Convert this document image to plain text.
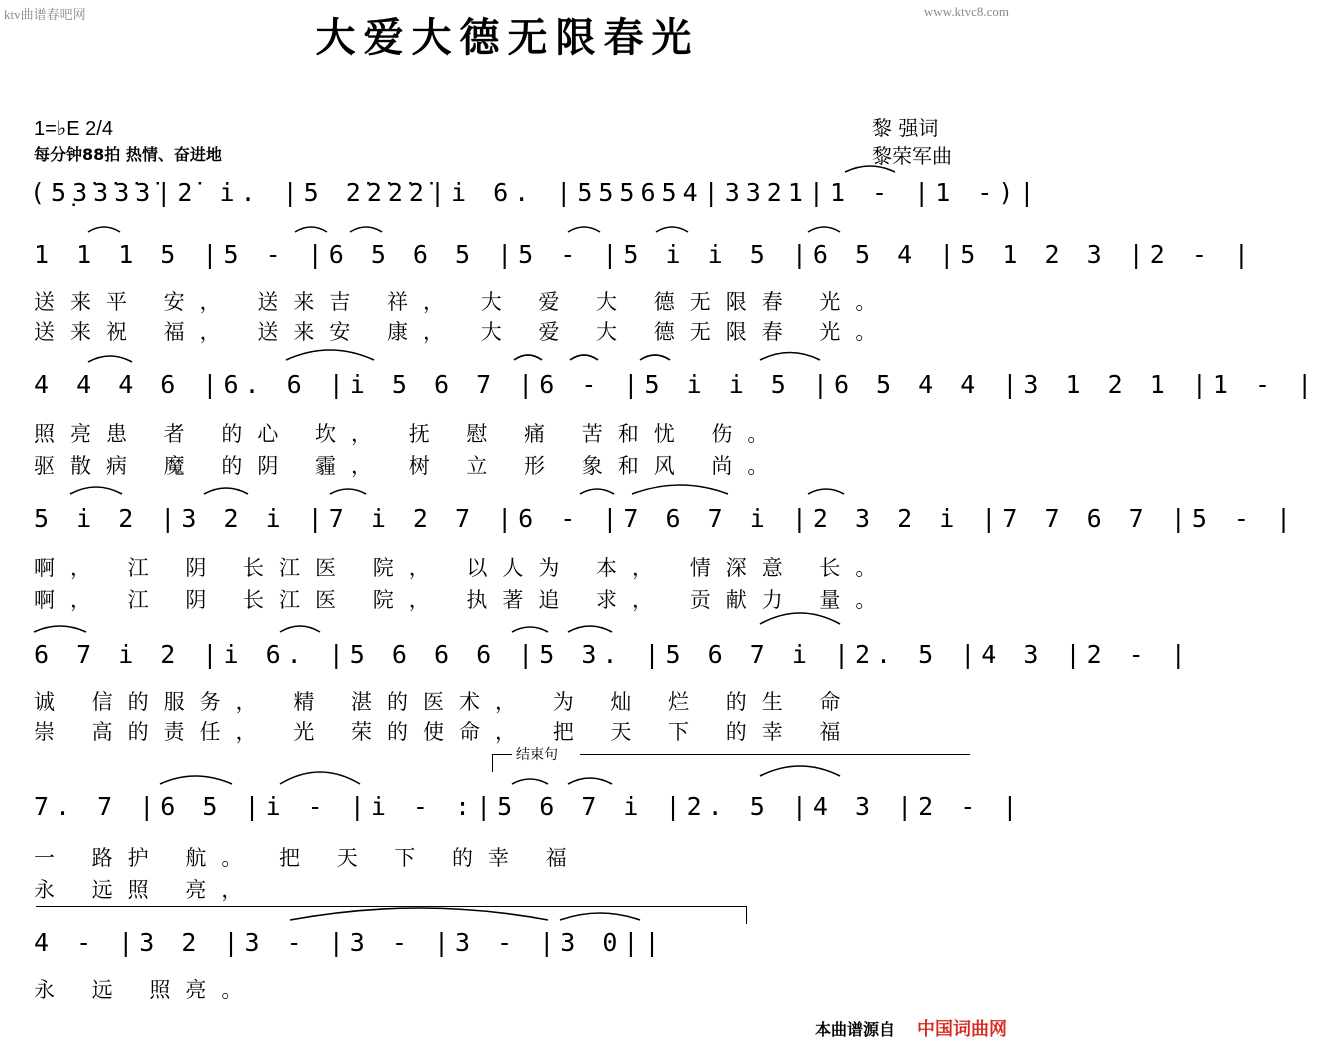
ktv曲谱春吧网	www.ktvc8.com
大爱大德无限春光
1=♭E 2/4
每分钟88拍 热情、奋进地
黎 强词
黎荣军曲
(5̣3̇3̇3̇3̇|2̇ i. |5 2̇2̇2̇2̇|i 6. |555654|3321|1 - |1 -)|
1 1 1 5 |5 - |6 5 6 5 |5 - |5 i i 5 |6 5 4 |5 1 2 3 |2 - |
送来平 安， 送来吉 祥， 大 爱 大 德无限春 光。
送来祝 福， 送来安 康， 大 爱 大 德无限春 光。
4 4 4 6 |6. 6 |i 5 6 7 |6 - |5 i i 5 |6 5 4 4 |3 1 2 1 |1 - |
照亮患 者 的心 坎， 抚 慰 痛 苦和忧 伤。
驱散病 魔 的阴 霾， 树 立 形 象和风 尚。
5 i 2 |3 2 i |7 i 2 7 |6 - |7 6 7 i |2 3 2 i |7 7 6 7 |5 - |
啊， 江 阴 长江医 院， 以人为 本， 情深意 长。
啊， 江 阴 长江医 院， 执著追 求， 贡献力 量。
6 7 i 2 |i 6. |5 6 6 6 |5 3. |5 6 7 i |2. 5 |4 3 |2 - |
诚 信的服务， 精 湛的医术， 为 灿 烂 的生 命
崇 高的责任， 光 荣的使命， 把 天 下 的幸 福
结束句
7. 7 |6 5 |i - |i - :|5 6 7 i |2. 5 |4 3 |2 - |
一 路护 航。 把 天 下 的幸 福
永 远照 亮，
4 - |3 2 |3 - |3 - |3 - |3 0||
永 远 照亮。
本曲谱源自 中国词曲网
